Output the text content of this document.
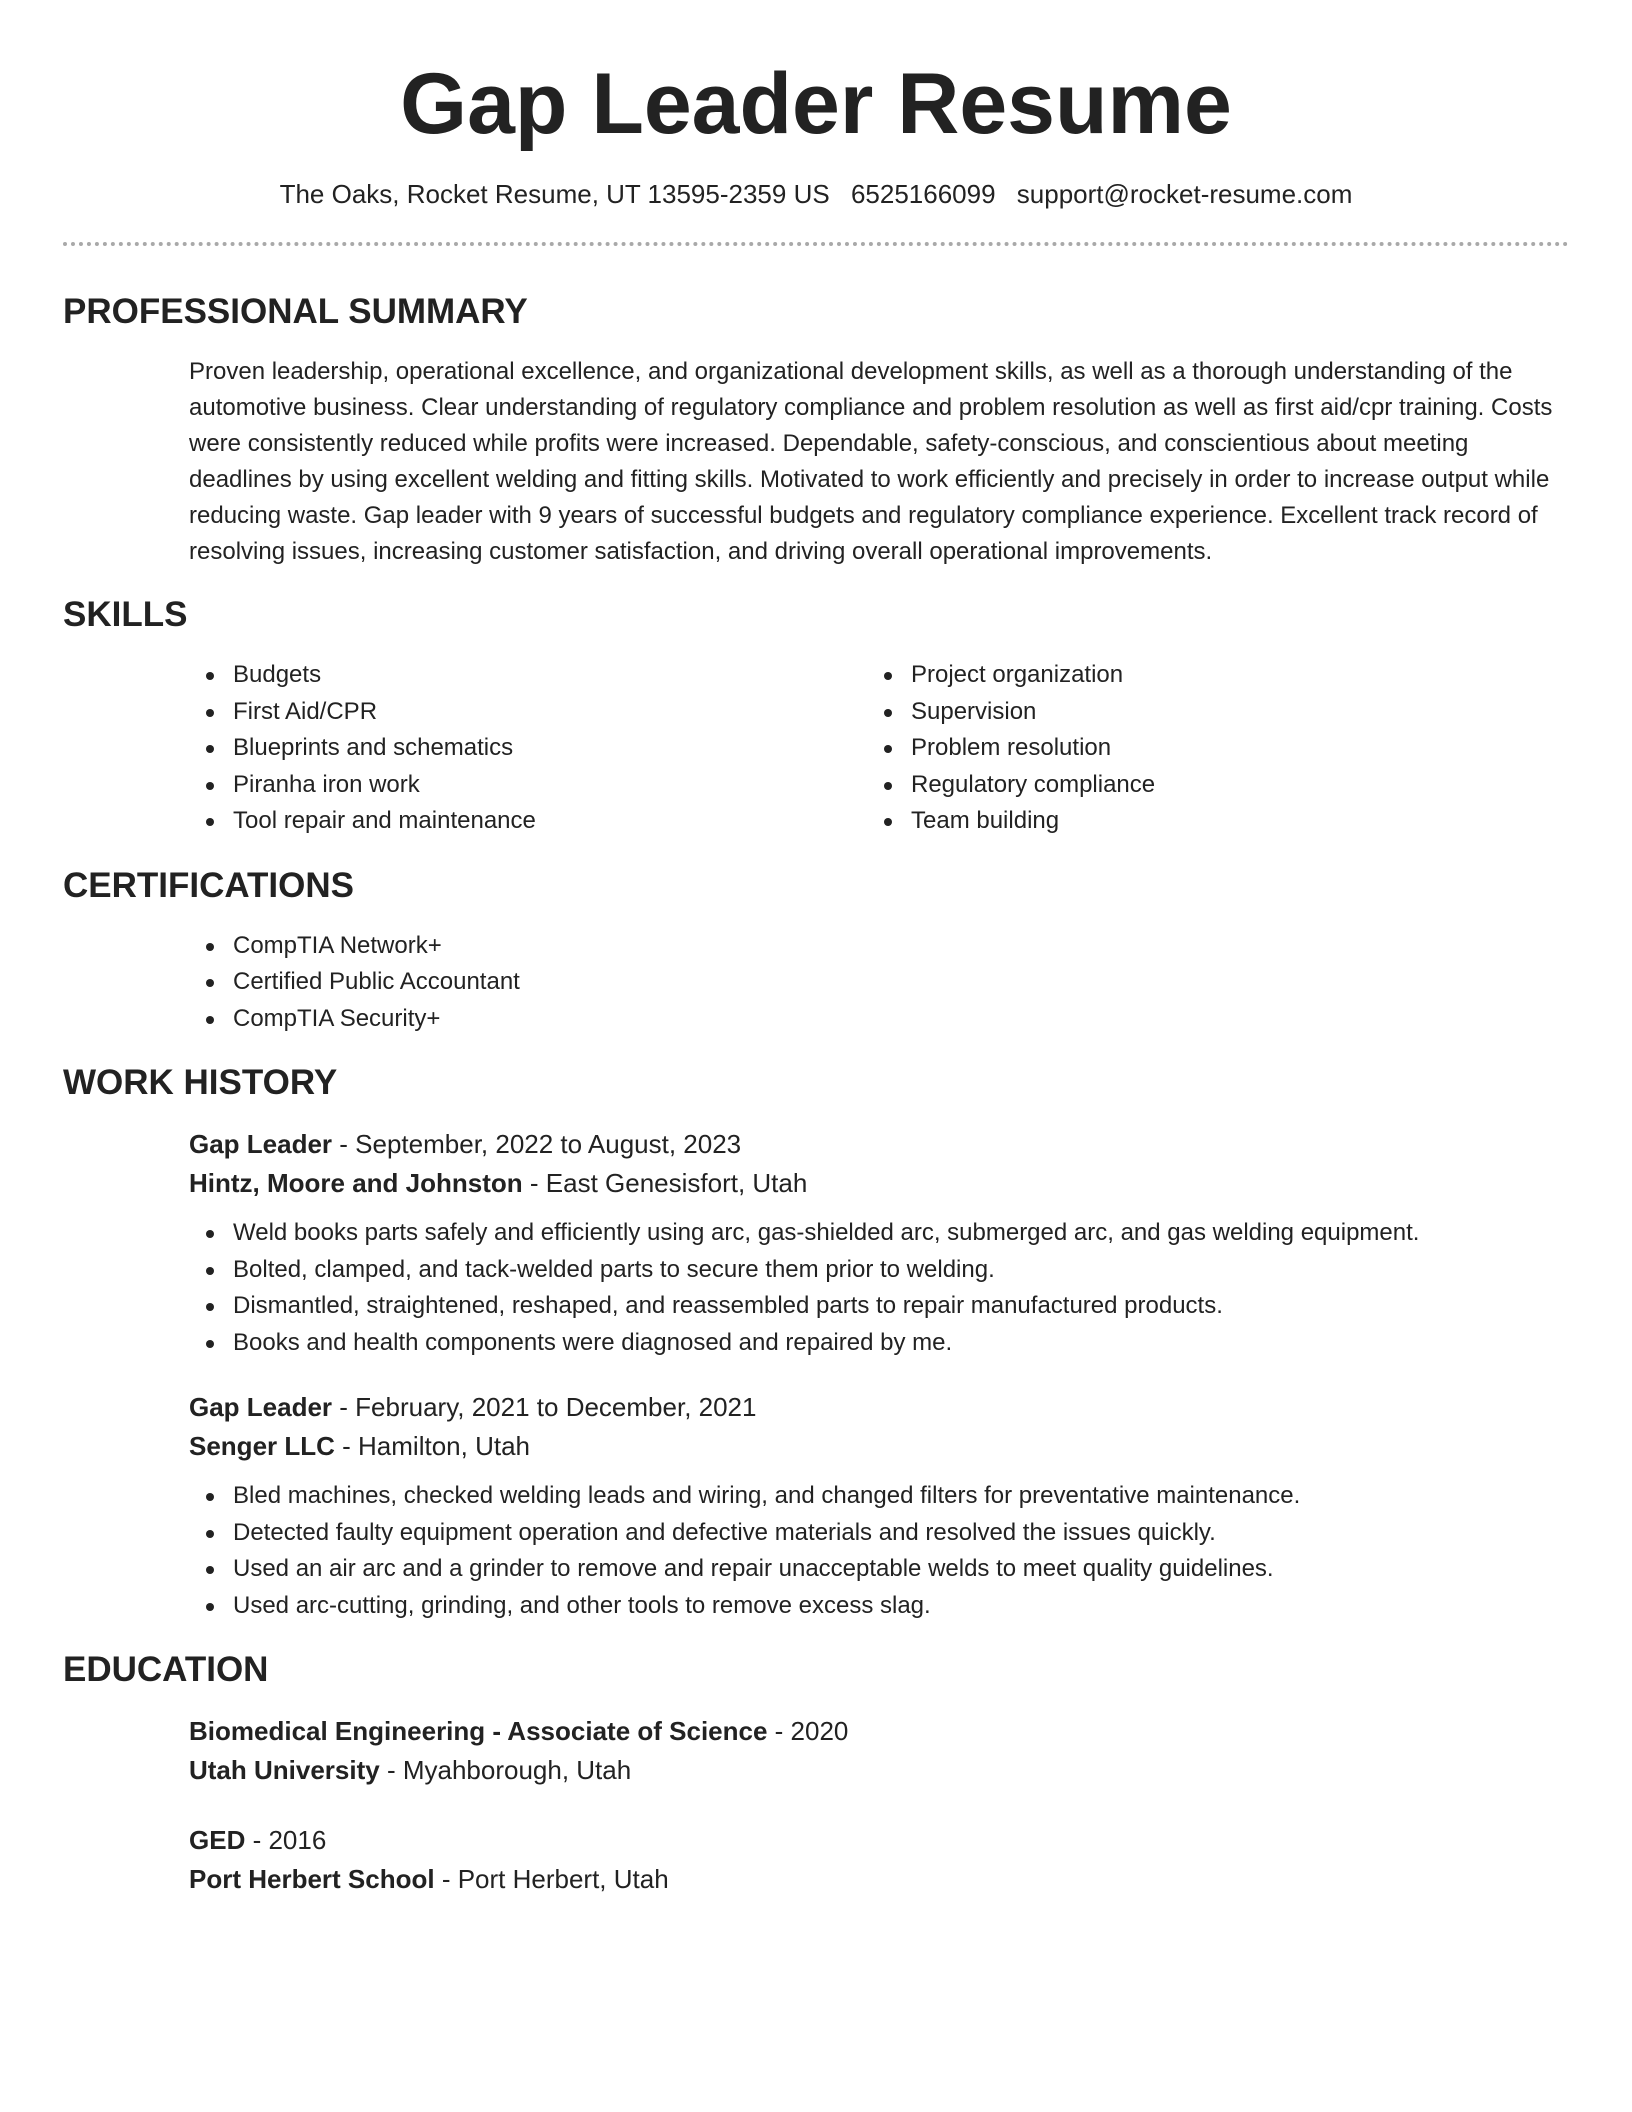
Gap Leader Resume
The Oaks, Rocket Resume, UT 13595-2359 US 6525166099 support@rocket-resume.com
PROFESSIONAL SUMMARY

Proven leadership, operational excellence, and organizational development skills, as well as a thorough understanding of the automotive business. Clear understanding of regulatory compliance and problem resolution as well as first aid/cpr training. Costs were consistently reduced while profits were increased. Dependable, safety-conscious, and conscientious about meeting deadlines by using excellent welding and fitting skills. Motivated to work efficiently and precisely in order to increase output while reducing waste. Gap leader with 9 years of successful budgets and regulatory compliance experience. Excellent track record of resolving issues, increasing customer satisfaction, and driving overall operational improvements.

SKILLS
Budgets
First Aid/CPR
Blueprints and schematics
Piranha iron work
Tool repair and maintenance
Project organization
Supervision
Problem resolution
Regulatory compliance
Team building
CERTIFICATIONS
CompTIA Network+
Certified Public Accountant
CompTIA Security+
WORK HISTORY

Gap Leader - September, 2022 to August, 2023

Hintz, Moore and Johnston - East Genesisfort, Utah

Weld books parts safely and efficiently using arc, gas-shielded arc, submerged arc, and gas welding equipment.
Bolted, clamped, and tack-welded parts to secure them prior to welding.
Dismantled, straightened, reshaped, and reassembled parts to repair manufactured products.
Books and health components were diagnosed and repaired by me.

Gap Leader - February, 2021 to December, 2021

Senger LLC - Hamilton, Utah

Bled machines, checked welding leads and wiring, and changed filters for preventative maintenance.
Detected faulty equipment operation and defective materials and resolved the issues quickly.
Used an air arc and a grinder to remove and repair unacceptable welds to meet quality guidelines.
Used arc-cutting, grinding, and other tools to remove excess slag.
EDUCATION

Biomedical Engineering - Associate of Science - 2020

Utah University - Myahborough, Utah

GED - 2016

Port Herbert School - Port Herbert, Utah
